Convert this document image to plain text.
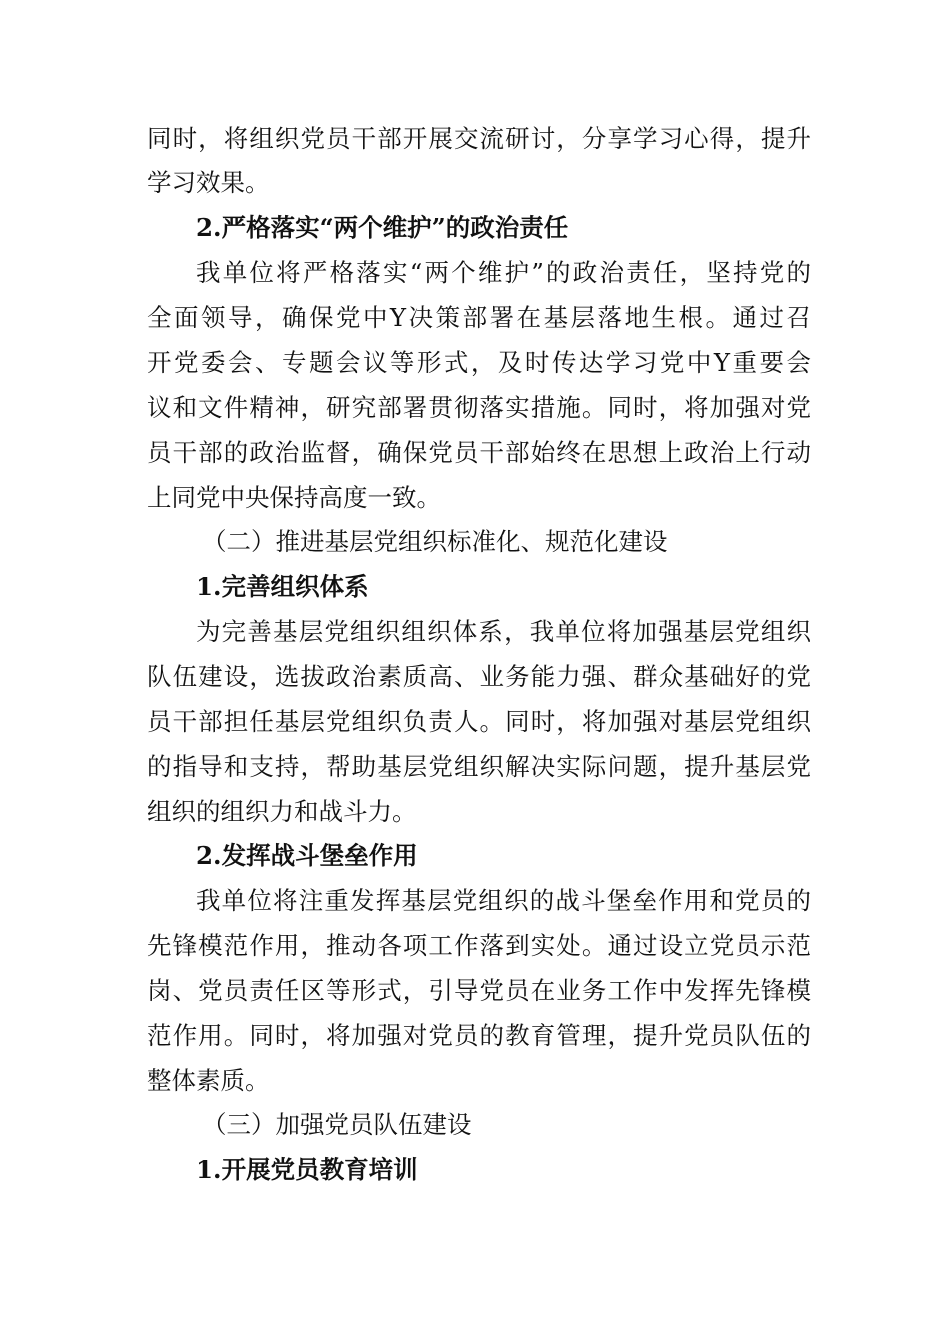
同时，将组织党员干部开展交流研讨，分享学习心得，提升
学习效果。
2.严格落实“两个维护”的政治责任
我单位将严格落实“两个维护”的政治责任，坚持党的
全面领导，确保党中Y决策部署在基层落地生根。通过召
开党委会、专题会议等形式，及时传达学习党中Y重要会
议和文件精神，研究部署贯彻落实措施。同时，将加强对党
员干部的政治监督，确保党员干部始终在思想上政治上行动
上同党中央保持高度一致。
（二）推进基层党组织标准化、规范化建设
1.完善组织体系
为完善基层党组织组织体系，我单位将加强基层党组织
队伍建设，选拔政治素质高、业务能力强、群众基础好的党
员干部担任基层党组织负责人。同时，将加强对基层党组织
的指导和支持，帮助基层党组织解决实际问题，提升基层党
组织的组织力和战斗力。
2.发挥战斗堡垒作用
我单位将注重发挥基层党组织的战斗堡垒作用和党员的
先锋模范作用，推动各项工作落到实处。通过设立党员示范
岗、党员责任区等形式，引导党员在业务工作中发挥先锋模
范作用。同时，将加强对党员的教育管理，提升党员队伍的
整体素质。
（三）加强党员队伍建设
1.开展党员教育培训
